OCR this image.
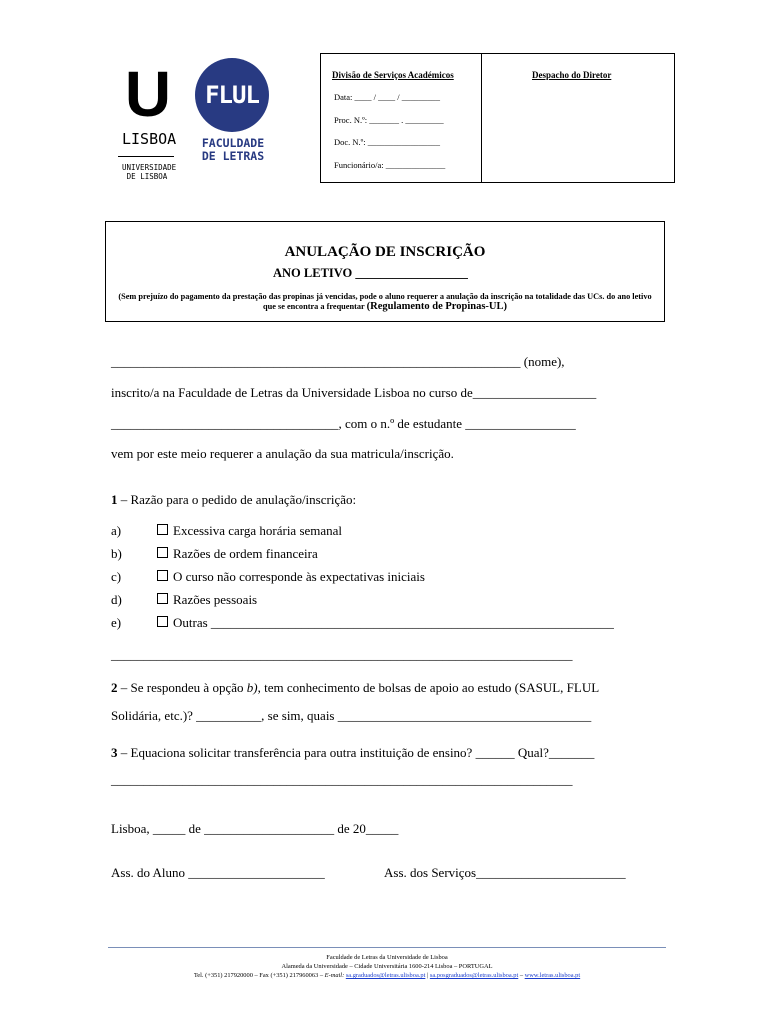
U
LISBOA
UNIVERSIDADE
DE LISBOA
FLUL
FACULDADE
DE LETRAS
Divisão de Serviços Académicos	Despacho do Diretor
Data: ____ / ____ / _________
Proc. N.º: _______ . _________
Doc. N.º: _________________
Funcionário/a: ______________
ANULAÇÃO DE INSCRIÇÃO
ANO LETIVO __________________
(Sem prejuízo do pagamento da prestação das propinas já vencidas, pode o aluno requerer a anulação da inscrição na totalidade das UCs. do ano letivo que se encontra a frequentar (Regulamento de Propinas-UL)
_______________________________________________________________ (nome),
inscrito/a na Faculdade de Letras da Universidade Lisboa no curso de___________________
___________________________________, com o n.º de estudante _________________
vem por este meio requerer a anulação da sua matricula/inscrição.
1 – Razão para o pedido de anulação/inscrição:
a)	Excessiva carga horária semanal
b)	Razões de ordem financeira
c)	O curso não corresponde às expectativas iniciais
d)	Razões pessoais
e)	Outras ______________________________________________________________
_______________________________________________________________________
2 – Se respondeu à opção b), tem conhecimento de bolsas de apoio ao estudo (SASUL, FLUL
Solidária, etc.)? __________, se sim, quais _______________________________________
3 – Equaciona solicitar transferência para outra instituição de ensino? ______ Qual?_______
_______________________________________________________________________
Lisboa, _____ de ____________________ de 20_____
Ass. do Aluno _____________________	Ass. dos Serviços_______________________
Faculdade de Letras da Universidade de Lisboa
Alameda da Universidade – Cidade Universitária 1600-214 Lisboa – PORTUGAL
Tel. (+351) 217920000 – Fax (+351) 217960063 – E-mail: sa.graduados@letras.ulisboa.pt | sa.posgraduados@letras.ulisboa.pt – www.letras.ulisboa.pt
